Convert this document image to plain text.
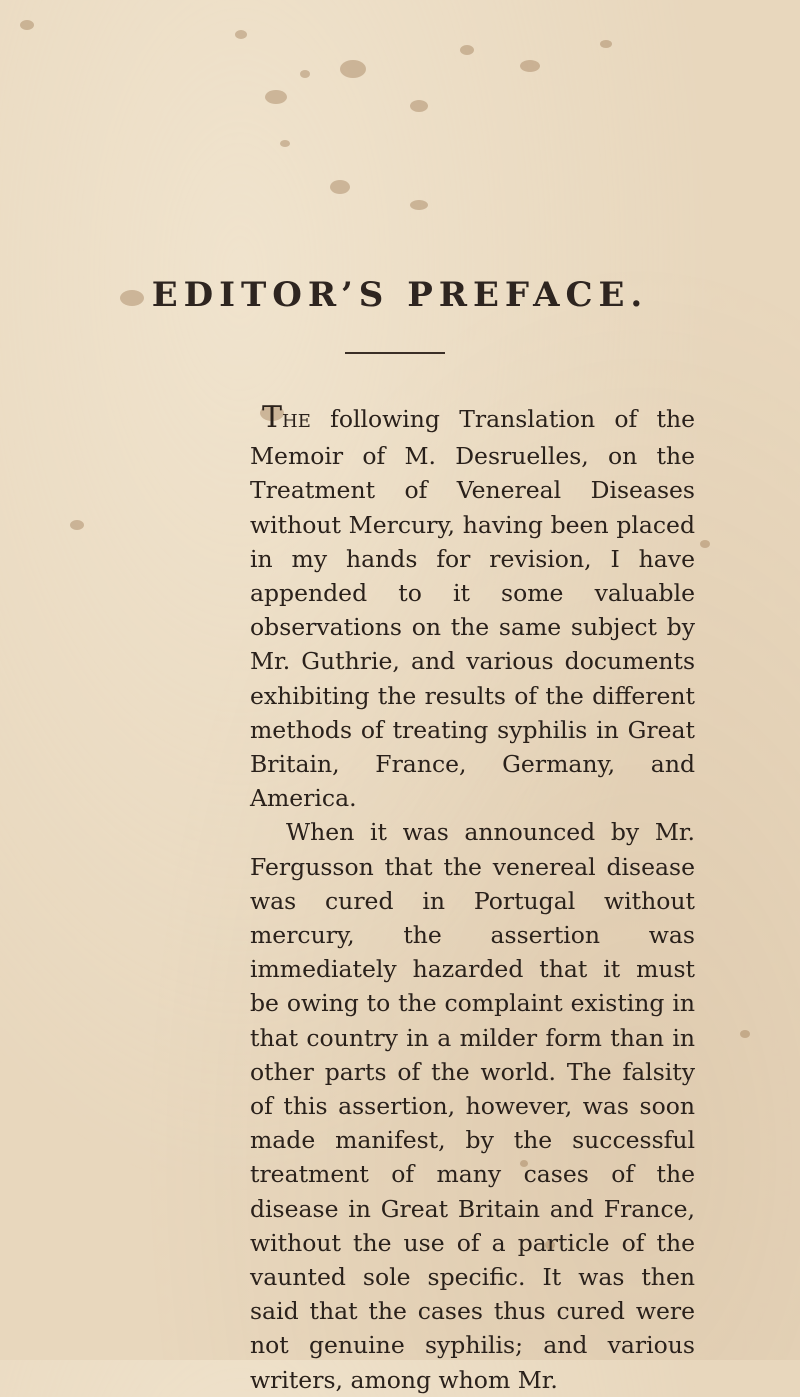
EDITOR’S PREFACE.

THE following Translation of the Memoir of M. Desruelles, on the Treatment of Venereal Diseases without Mercury, having been placed in my hands for revision, I have appended to it some valuable observations on the same subject by Mr. Guthrie, and various documents exhibiting the results of the different methods of treating syphilis in Great Britain, France, Germany, and America.

When it was announced by Mr. Fergusson that the venereal disease was cured in Portugal without mercury, the assertion was immediately hazarded that it must be owing to the complaint existing in that country in a milder form than in other parts of the world. The falsity of this assertion, however, was soon made manifest, by the successful treatment of many cases of the disease in Great Britain and France, without the use of a particle of the vaunted sole specific. It was then said that the cases thus cured were not genuine syphilis; and various writers, among whom Mr.
